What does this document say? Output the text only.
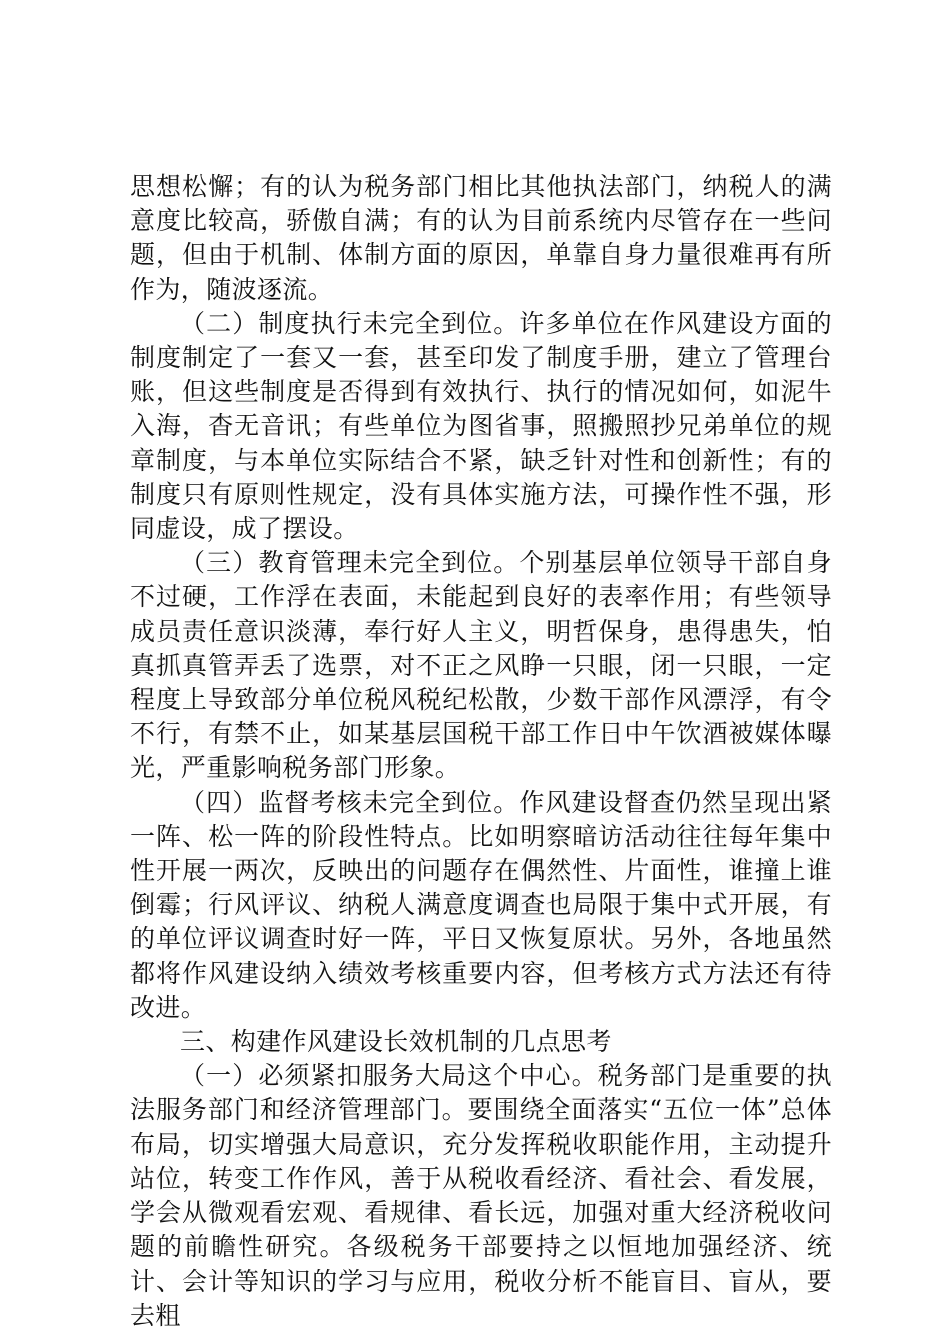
思想松懈；有的认为税务部门相比其他执法部门，纳税人的满意度比较高，骄傲自满；有的认为目前系统内尽管存在一些问题，但由于机制、体制方面的原因，单靠自身力量很难再有所作为，随波逐流。

（二）制度执行未完全到位。许多单位在作风建设方面的制度制定了一套又一套，甚至印发了制度手册，建立了管理台账，但这些制度是否得到有效执行、执行的情况如何，如泥牛入海，杳无音讯；有些单位为图省事，照搬照抄兄弟单位的规章制度，与本单位实际结合不紧，缺乏针对性和创新性；有的制度只有原则性规定，没有具体实施方法，可操作性不强，形同虚设，成了摆设。

（三）教育管理未完全到位。个别基层单位领导干部自身不过硬，工作浮在表面，未能起到良好的表率作用；有些领导成员责任意识淡薄，奉行好人主义，明哲保身，患得患失，怕真抓真管弄丢了选票，对不正之风睁一只眼，闭一只眼，一定程度上导致部分单位税风税纪松散，少数干部作风漂浮，有令不行，有禁不止，如某基层国税干部工作日中午饮酒被媒体曝光，严重影响税务部门形象。

（四）监督考核未完全到位。作风建设督查仍然呈现出紧一阵、松一阵的阶段性特点。比如明察暗访活动往往每年集中性开展一两次，反映出的问题存在偶然性、片面性，谁撞上谁倒霉；行风评议、纳税人满意度调查也局限于集中式开展，有的单位评议调查时好一阵，平日又恢复原状。另外，各地虽然都将作风建设纳入绩效考核重要内容，但考核方式方法还有待改进。

三、构建作风建设长效机制的几点思考

（一）必须紧扣服务大局这个中心。税务部门是重要的执法服务部门和经济管理部门。要围绕全面落实“五位一体”总体布局，切实增强大局意识，充分发挥税收职能作用，主动提升站位，转变工作作风，善于从税收看经济、看社会、看发展，学会从微观看宏观、看规律、看长远，加强对重大经济税收问题的前瞻性研究。各级税务干部要持之以恒地加强经济、统计、会计等知识的学习与应用，税收分析不能盲目、盲从，要去粗
